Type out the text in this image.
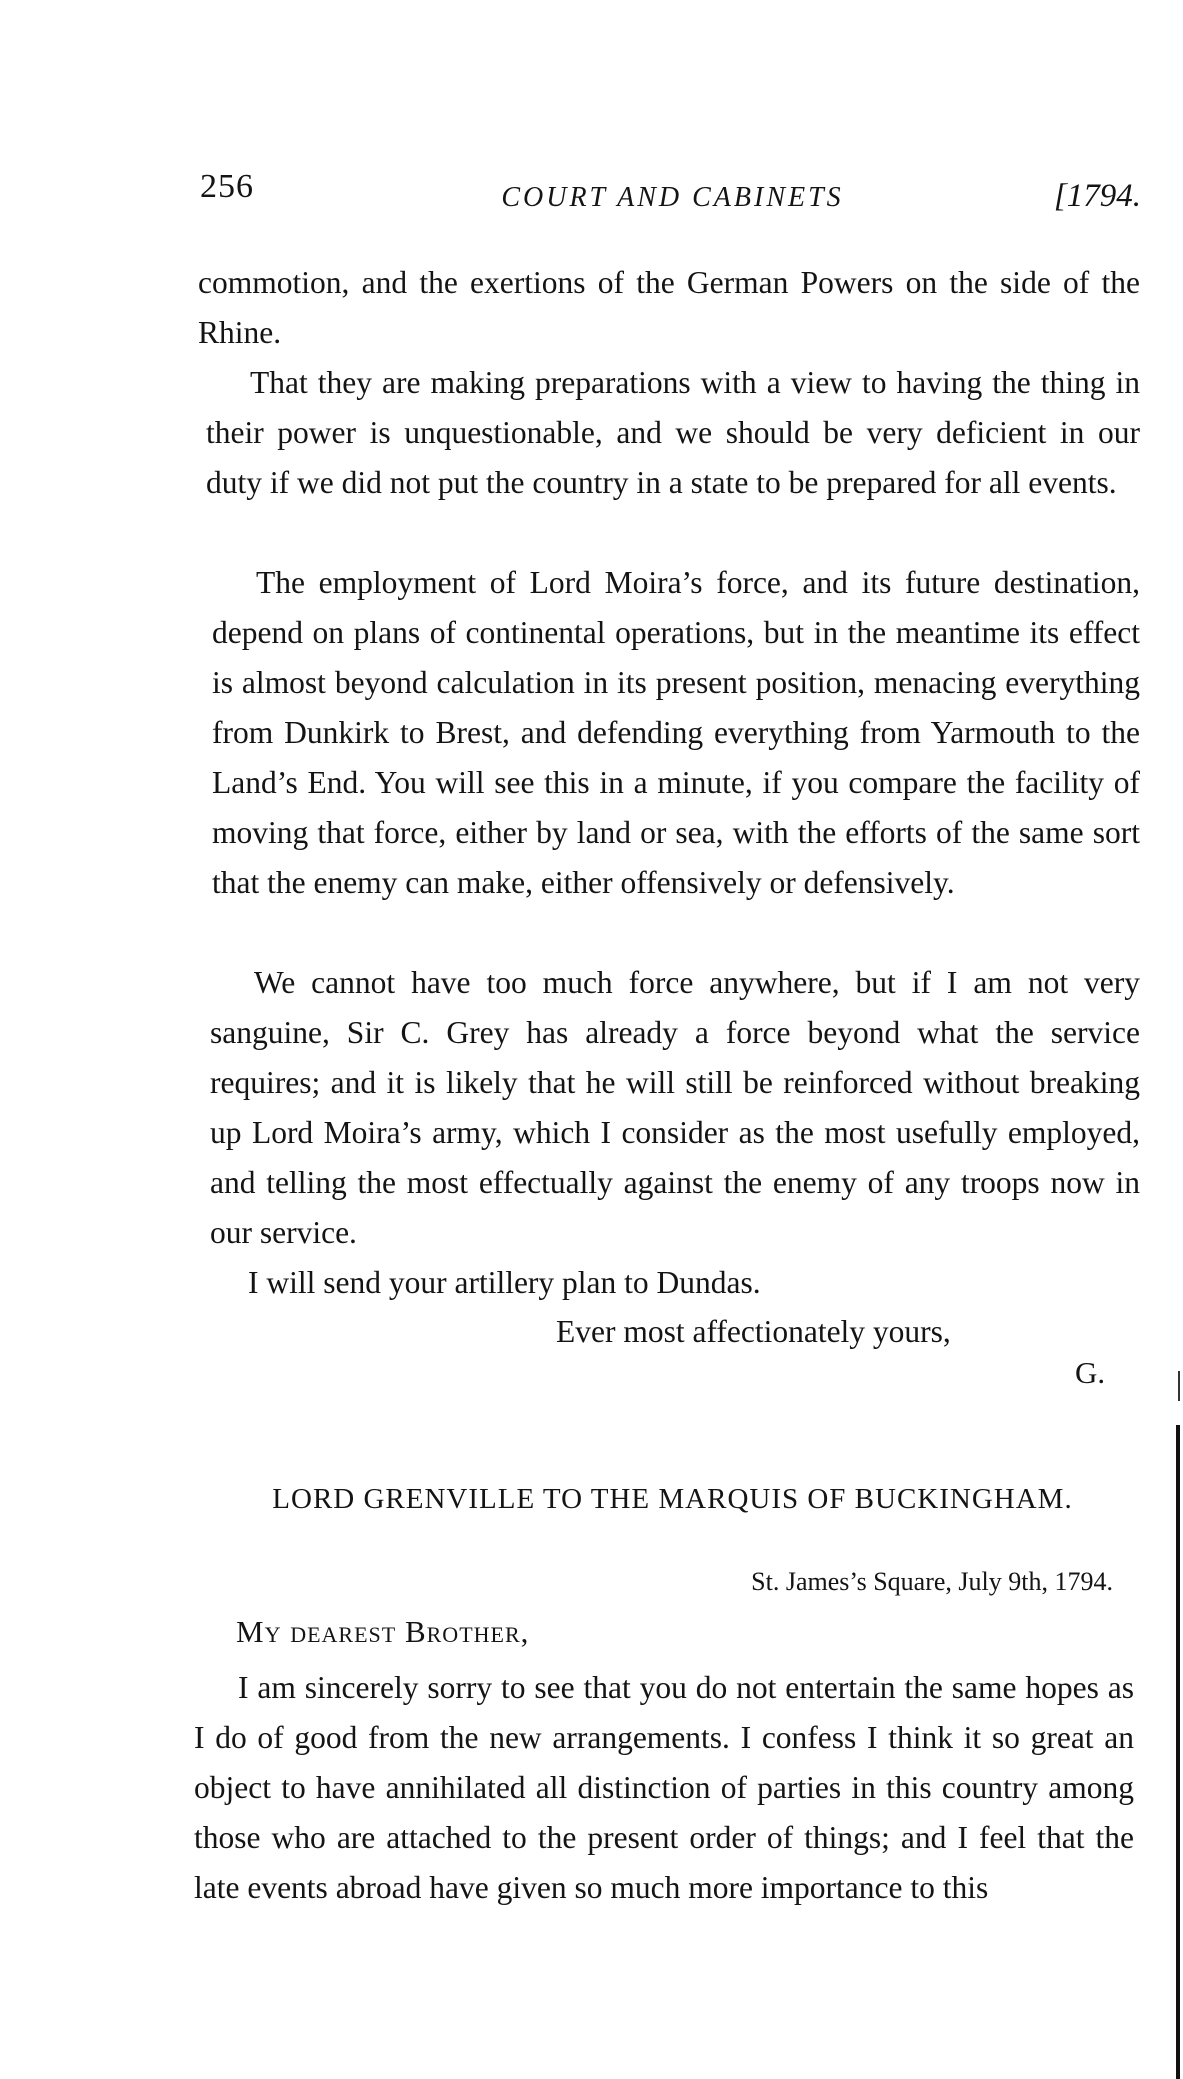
256	COURT AND CABINETS	[1794.

commotion, and the exertions of the German Powers on the side of the Rhine.

That they are making preparations with a view to having the thing in their power is unquestionable, and we should be very deficient in our duty if we did not put the country in a state to be prepared for all events.

The employment of Lord Moira’s force, and its future destination, depend on plans of continental operations, but in the meantime its effect is almost beyond calculation in its present position, menacing everything from Dunkirk to Brest, and defending everything from Yarmouth to the Land’s End. You will see this in a minute, if you compare the facility of moving that force, either by land or sea, with the efforts of the same sort that the enemy can make, either offensively or defensively.

We cannot have too much force anywhere, but if I am not very sanguine, Sir C. Grey has already a force beyond what the service requires; and it is likely that he will still be reinforced without breaking up Lord Moira’s army, which I consider as the most usefully employed, and telling the most effectually against the enemy of any troops now in our service.

I will send your artillery plan to Dundas.

Ever most affectionately yours,

G.

LORD GRENVILLE TO THE MARQUIS OF BUCKINGHAM.

St. James’s Square, July 9th, 1794.

My dearest Brother,

I am sincerely sorry to see that you do not entertain the same hopes as I do of good from the new arrangements. I confess I think it so great an object to have annihilated all distinction of parties in this country among those who are attached to the present order of things; and I feel that the late events abroad have given so much more importance to this
